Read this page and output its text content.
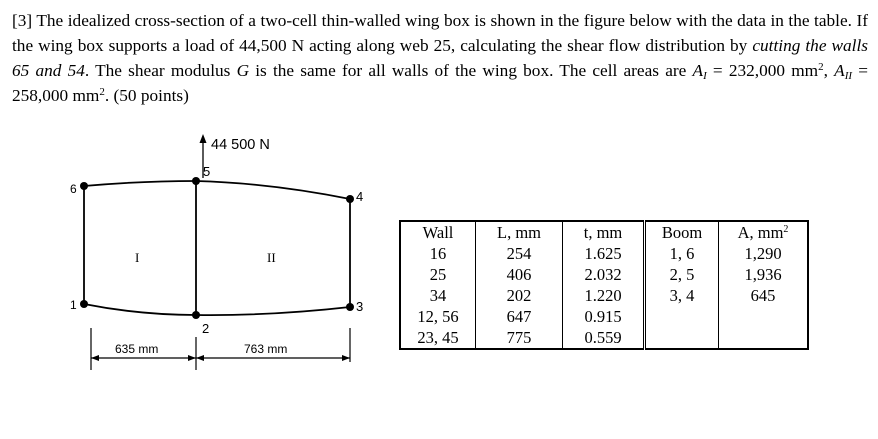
[3] The idealized cross-section of a two-cell thin-walled wing box is shown in the figure below with the data in the table. If the wing box supports a load of 44,500 N acting along web 25, calculating the shear flow distribution by cutting the walls 65 and 54. The shear modulus G is the same for all walls of the wing box. The cell areas are $A_I = 232,000$ $mm^2$, $A_{II} = 258,000$ $mm^2$. (50 points)
44 500 N
1
2
3
4
5
6
I	II
635 mm	763 mm
Wall	L, mm	t, mm	Boom	A, $mm^2$
16	254	1.625	1, 6	1,290
25	406	2.032	2, 5	1,936
34	202	1.220	3, 4	645
12, 56	647	0.915		
23, 45	775	0.559		
